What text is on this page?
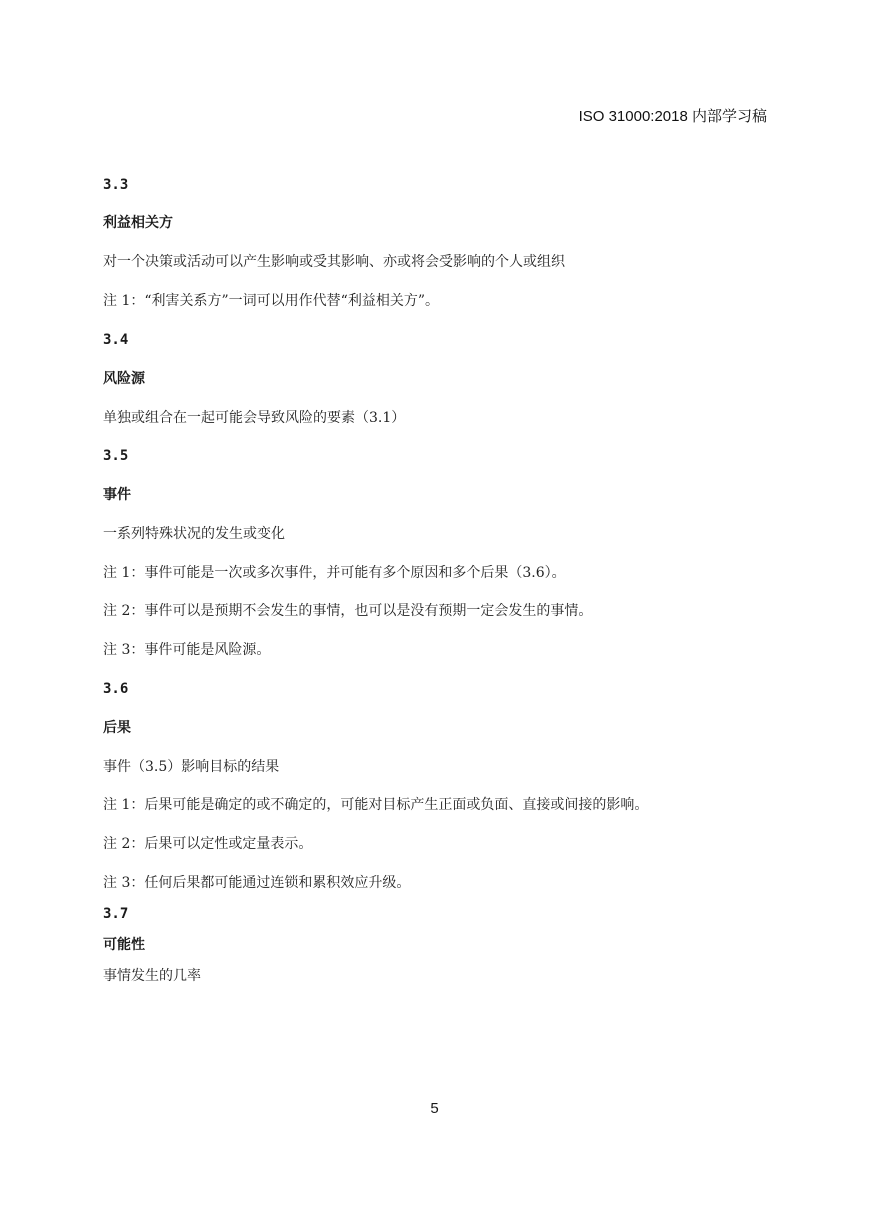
ISO 31000:2018 内部学习稿
3.3
利益相关方
对一个决策或活动可以产生影响或受其影响、亦或将会受影响的个人或组织
注 1：“利害关系方”一词可以用作代替“利益相关方”。
3.4
风险源
单独或组合在一起可能会导致风险的要素（3.1）
3.5
事件
一系列特殊状况的发生或变化
注 1：事件可能是一次或多次事件，并可能有多个原因和多个后果（3.6）。
注 2：事件可以是预期不会发生的事情，也可以是没有预期一定会发生的事情。
注 3：事件可能是风险源。
3.6
后果
事件（3.5）影响目标的结果
注 1：后果可能是确定的或不确定的，可能对目标产生正面或负面、直接或间接的影响。
注 2：后果可以定性或定量表示。
注 3：任何后果都可能通过连锁和累积效应升级。
3.7
可能性
事情发生的几率
5
